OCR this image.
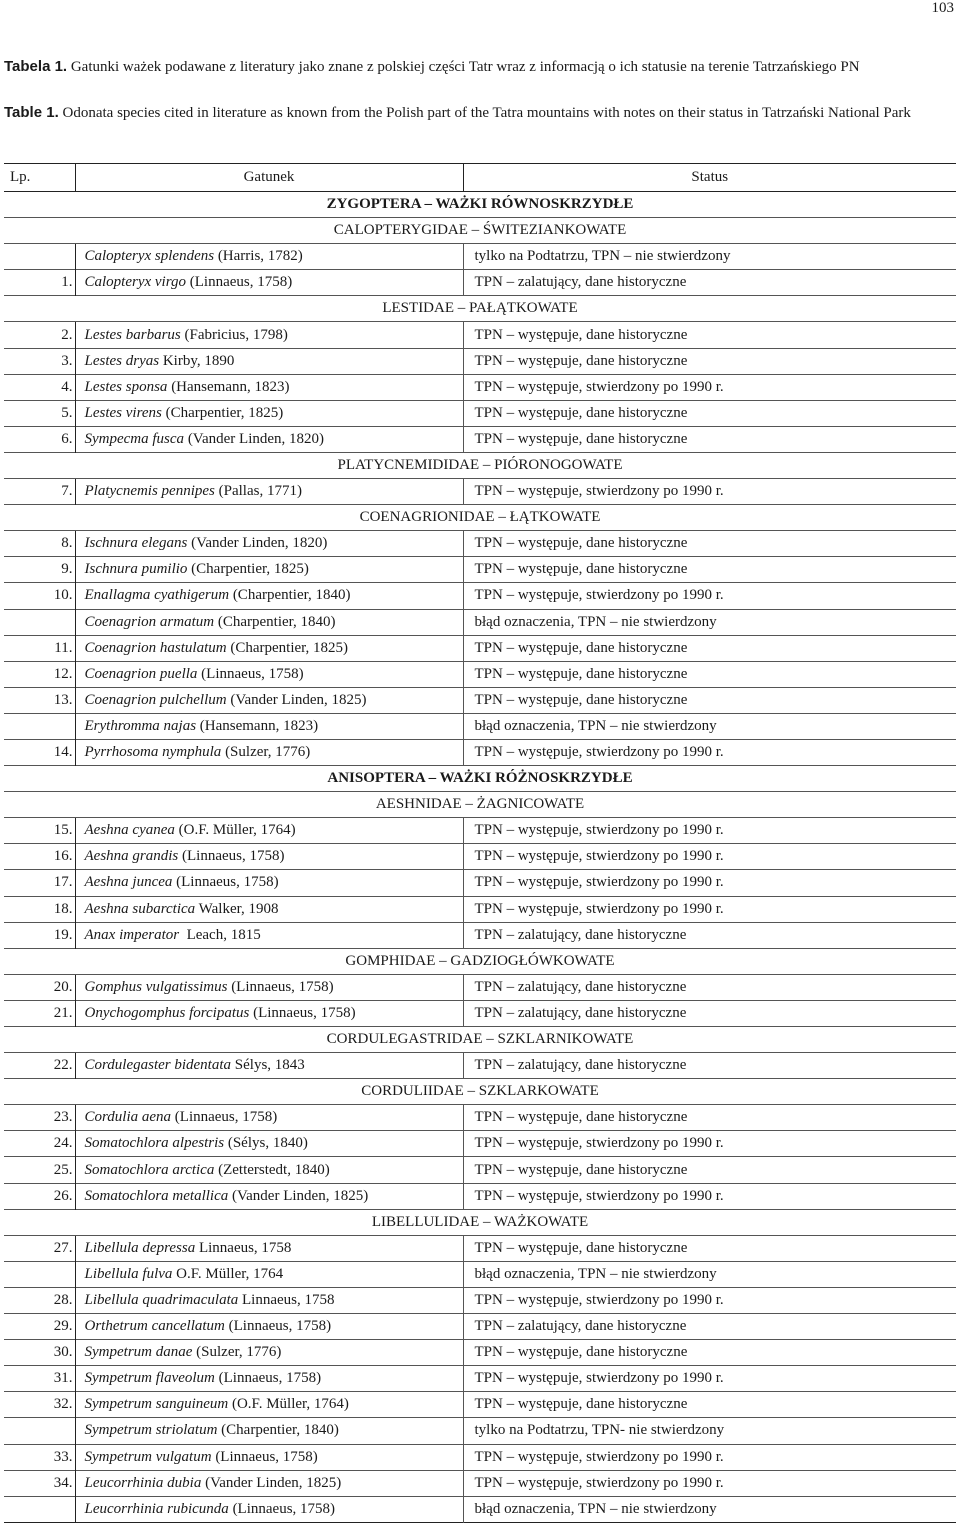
103
Tabela 1. Gatunki ważek podawane z literatury jako znane z polskiej części Tatr wraz z informacją o ich statusie na terenie Tatrzańskiego PN
Table 1. Odonata species cited in literature as known from the Polish part of the Tatra mountains with notes on their status in Tatrzański National Park
Lp.	Gatunek	Status
ZYGOPTERA – WAŻKI RÓWNOSKRZYDŁE		
CALOPTERYGIDAE – ŚWITEZIANKOWATE		
	Calopteryx splendens (Harris, 1782)	tylko na Podtatrzu, TPN – nie stwierdzony
1.	Calopteryx virgo (Linnaeus, 1758)	TPN – zalatujący, dane historyczne
LESTIDAE – PAŁĄTKOWATE		
2.	Lestes barbarus (Fabricius, 1798)	TPN – występuje, dane historyczne
3.	Lestes dryas Kirby, 1890	TPN – występuje, dane historyczne
4.	Lestes sponsa (Hansemann, 1823)	TPN – występuje, stwierdzony po 1990 r.
5.	Lestes virens (Charpentier, 1825)	TPN – występuje, dane historyczne
6.	Sympecma fusca (Vander Linden, 1820)	TPN – występuje, dane historyczne
PLATYCNEMIDIDAE – PIÓRONOGOWATE		
7.	Platycnemis pennipes (Pallas, 1771)	TPN – występuje, stwierdzony po 1990 r.
COENAGRIONIDAE – ŁĄTKOWATE		
8.	Ischnura elegans (Vander Linden, 1820)	TPN – występuje, dane historyczne
9.	Ischnura pumilio (Charpentier, 1825)	TPN – występuje, dane historyczne
10.	Enallagma cyathigerum (Charpentier, 1840)	TPN – występuje, stwierdzony po 1990 r.
	Coenagrion armatum (Charpentier, 1840)	błąd oznaczenia, TPN – nie stwierdzony
11.	Coenagrion hastulatum (Charpentier, 1825)	TPN – występuje, dane historyczne
12.	Coenagrion puella (Linnaeus, 1758)	TPN – występuje, dane historyczne
13.	Coenagrion pulchellum (Vander Linden, 1825)	TPN – występuje, dane historyczne
	Erythromma najas (Hansemann, 1823)	błąd oznaczenia, TPN – nie stwierdzony
14.	Pyrrhosoma nymphula (Sulzer, 1776)	TPN – występuje, stwierdzony po 1990 r.
ANISOPTERA – WAŻKI RÓŻNOSKRZYDŁE		
AESHNIDAE – ŻAGNICOWATE		
15.	Aeshna cyanea (O.F. Müller, 1764)	TPN – występuje, stwierdzony po 1990 r.
16.	Aeshna grandis (Linnaeus, 1758)	TPN – występuje, stwierdzony po 1990 r.
17.	Aeshna juncea (Linnaeus, 1758)	TPN – występuje, stwierdzony po 1990 r.
18.	Aeshna subarctica Walker, 1908	TPN – występuje, stwierdzony po 1990 r.
19.	Anax imperator  Leach, 1815	TPN – zalatujący, dane historyczne
GOMPHIDAE – GADZIOGŁÓWKOWATE		
20.	Gomphus vulgatissimus (Linnaeus, 1758)	TPN – zalatujący, dane historyczne
21.	Onychogomphus forcipatus (Linnaeus, 1758)	TPN – zalatujący, dane historyczne
CORDULEGASTRIDAE – SZKLARNIKOWATE		
22.	Cordulegaster bidentata Sélys, 1843	TPN – zalatujący, dane historyczne
CORDULIIDAE – SZKLARKOWATE		
23.	Cordulia aena (Linnaeus, 1758)	TPN – występuje, dane historyczne
24.	Somatochlora alpestris (Sélys, 1840)	TPN – występuje, stwierdzony po 1990 r.
25.	Somatochlora arctica (Zetterstedt, 1840)	TPN – występuje, dane historyczne
26.	Somatochlora metallica (Vander Linden, 1825)	TPN – występuje, stwierdzony po 1990 r.
LIBELLULIDAE – WAŻKOWATE		
27.	Libellula depressa Linnaeus, 1758	TPN – występuje, dane historyczne
	Libellula fulva O.F. Müller, 1764	błąd oznaczenia, TPN – nie stwierdzony
28.	Libellula quadrimaculata Linnaeus, 1758	TPN – występuje, stwierdzony po 1990 r.
29.	Orthetrum cancellatum (Linnaeus, 1758)	TPN – zalatujący, dane historyczne
30.	Sympetrum danae (Sulzer, 1776)	TPN – występuje, dane historyczne
31.	Sympetrum flaveolum (Linnaeus, 1758)	TPN – występuje, stwierdzony po 1990 r.
32.	Sympetrum sanguineum (O.F. Müller, 1764)	TPN – występuje, dane historyczne
	Sympetrum striolatum (Charpentier, 1840)	tylko na Podtatrzu, TPN- nie stwierdzony
33.	Sympetrum vulgatum (Linnaeus, 1758)	TPN – występuje, stwierdzony po 1990 r.
34.	Leucorrhinia dubia (Vander Linden, 1825)	TPN – występuje, stwierdzony po 1990 r.
	Leucorrhinia rubicunda (Linnaeus, 1758)	błąd oznaczenia, TPN – nie stwierdzony
